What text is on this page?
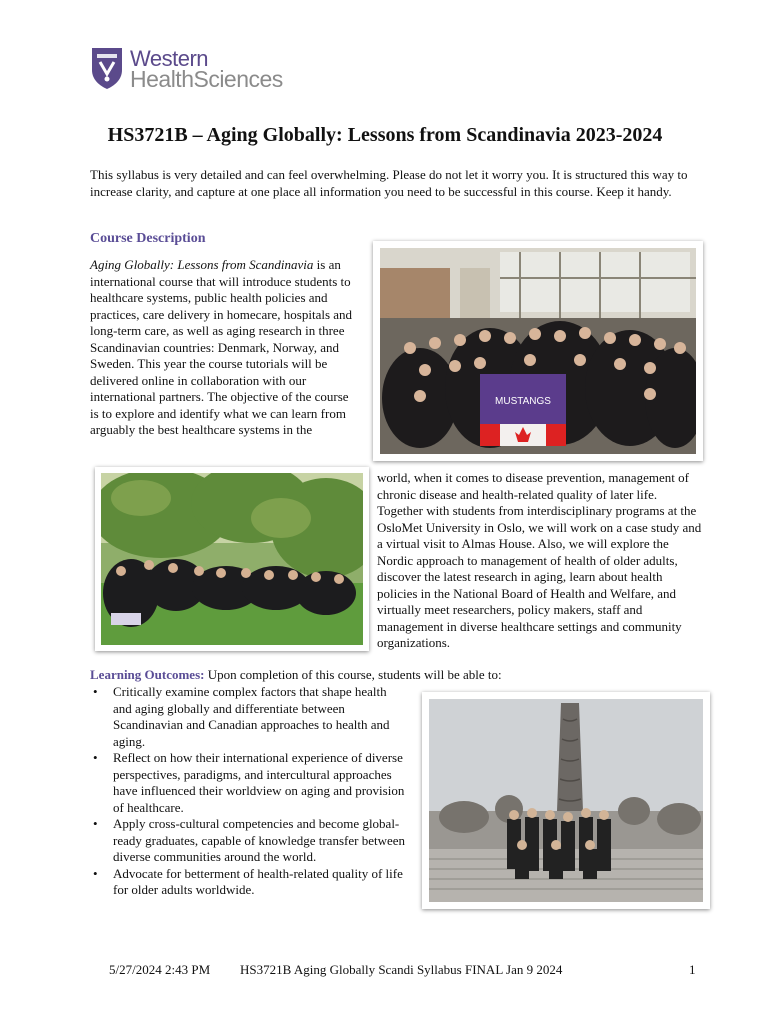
Western
HealthSciences
HS3721B – Aging Globally: Lessons from Scandinavia 2023-2024
This syllabus is very detailed and can feel overwhelming. Please do not let it worry you. It is structured this way to increase clarity, and capture at one place all information you need to be successful in this course. Keep it handy.
Course Description
Aging Globally: Lessons from Scandinavia is an international course that will introduce students to healthcare systems, public health policies and practices, care delivery in homecare, hospitals and long-term care, as well as aging research in three Scandinavian countries: Denmark, Norway, and Sweden. This year the course tutorials will be delivered online in collaboration with our international partners. The objective of the course is to explore and identify what we can learn from arguably the best healthcare systems in the
world, when it comes to disease prevention, management of chronic disease and health-related quality of later life. Together with students from interdisciplinary programs at the OsloMet University in Oslo, we will work on a case study and a virtual visit to Almas House. Also, we will explore the Nordic approach to management of health of older adults, discover the latest research in aging, learn about health policies in the National Board of Health and Welfare, and virtually meet researchers, policy makers, staff and management in diverse healthcare settings and community organizations.
MUSTANGS
Learning Outcomes: Upon completion of this course, students will be able to:
• Critically examine complex factors that shape health and aging globally and differentiate between Scandinavian and Canadian approaches to health and aging.
• Reflect on how their international experience of diverse perspectives, paradigms, and intercultural approaches have influenced their worldview on aging and provision of healthcare.
• Apply cross-cultural competencies and become global-ready graduates, capable of knowledge transfer between diverse communities around the world.
• Advocate for betterment of health-related quality of life for older adults worldwide.
5/27/2024 2:43 PM HS3721B Aging Globally Scandi Syllabus FINAL Jan 9 2024	1
